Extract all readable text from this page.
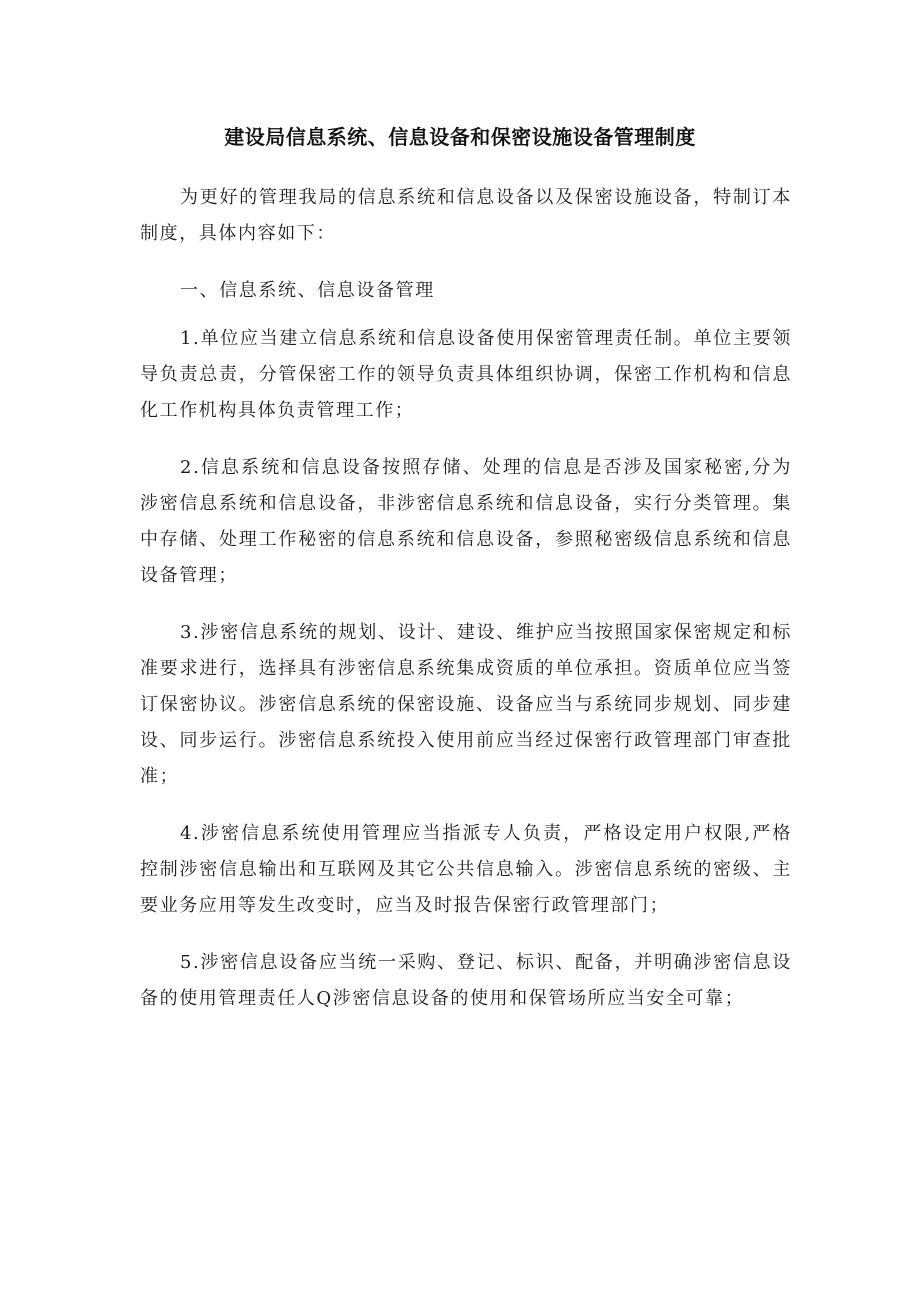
建设局信息系统、信息设备和保密设施设备管理制度

为更好的管理我局的信息系统和信息设备以及保密设施设备，特制订本制度，具体内容如下：

一、信息系统、信息设备管理

1.单位应当建立信息系统和信息设备使用保密管理责任制。单位主要领导负责总责，分管保密工作的领导负责具体组织协调，保密工作机构和信息化工作机构具体负责管理工作；

2.信息系统和信息设备按照存储、处理的信息是否涉及国家秘密,分为涉密信息系统和信息设备，非涉密信息系统和信息设备，实行分类管理。集中存储、处理工作秘密的信息系统和信息设备，参照秘密级信息系统和信息设备管理；

3.涉密信息系统的规划、设计、建设、维护应当按照国家保密规定和标准要求进行，选择具有涉密信息系统集成资质的单位承担。资质单位应当签订保密协议。涉密信息系统的保密设施、设备应当与系统同步规划、同步建设、同步运行。涉密信息系统投入使用前应当经过保密行政管理部门审查批准；

4.涉密信息系统使用管理应当指派专人负责，严格设定用户权限,严格控制涉密信息输出和互联网及其它公共信息输入。涉密信息系统的密级、主要业务应用等发生改变时，应当及时报告保密行政管理部门；

5.涉密信息设备应当统一采购、登记、标识、配备，并明确涉密信息设备的使用管理责任人Q涉密信息设备的使用和保管场所应当安全可靠；
